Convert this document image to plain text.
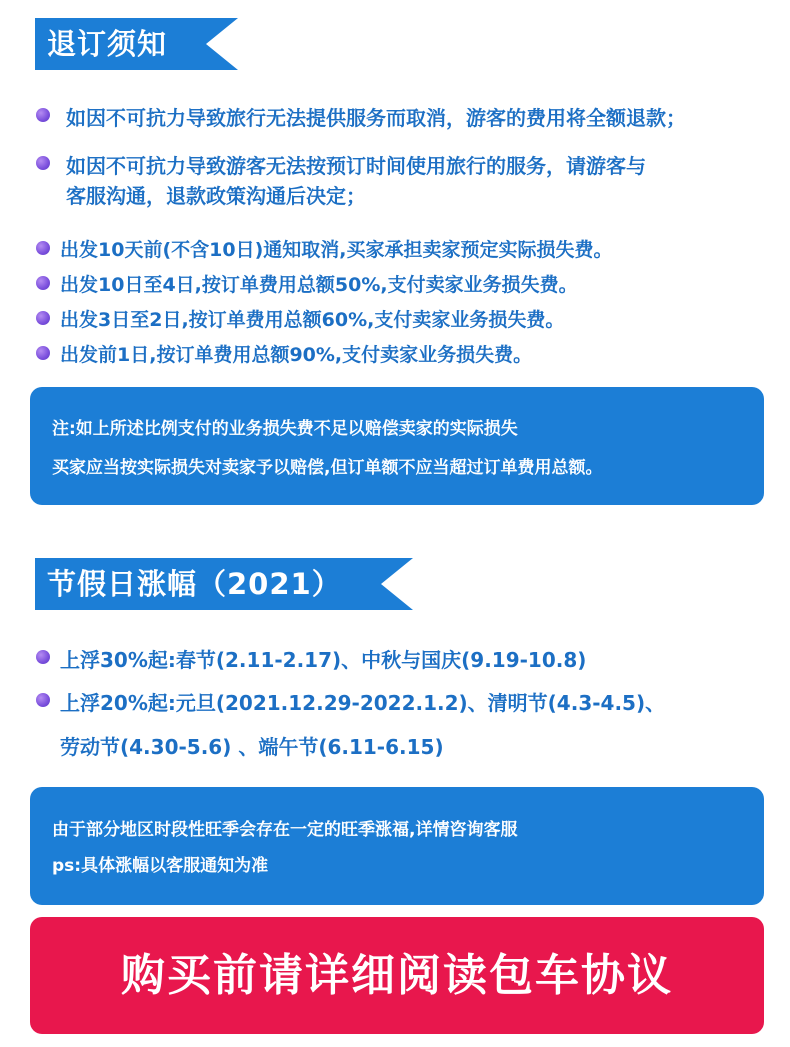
退订须知
如因不可抗力导致旅行无法提供服务而取消，游客的费用将全额退款；
如因不可抗力导致游客无法按预订时间使用旅行的服务，请游客与
客服沟通，退款政策沟通后决定；
出发10天前(不含10日)通知取消,买家承担卖家预定实际损失费。
出发10日至4日,按订单费用总额50%,支付卖家业务损失费。
出发3日至2日,按订单费用总额60%,支付卖家业务损失费。
出发前1日,按订单费用总额90%,支付卖家业务损失费。
注:如上所述比例支付的业务损失费不足以赔偿卖家的实际损失
买家应当按实际损失对卖家予以赔偿,但订单额不应当超过订单费用总额。
节假日涨幅（2021）
上浮30%起:春节(2.11-2.17)、中秋与国庆(9.19-10.8)
上浮20%起:元旦(2021.12.29-2022.1.2)、清明节(4.3-4.5)、
劳动节(4.30-5.6) 、端午节(6.11-6.15)
由于部分地区时段性旺季会存在一定的旺季涨福,详情咨询客服
ps:具体涨幅以客服通知为准
购买前请详细阅读包车协议
